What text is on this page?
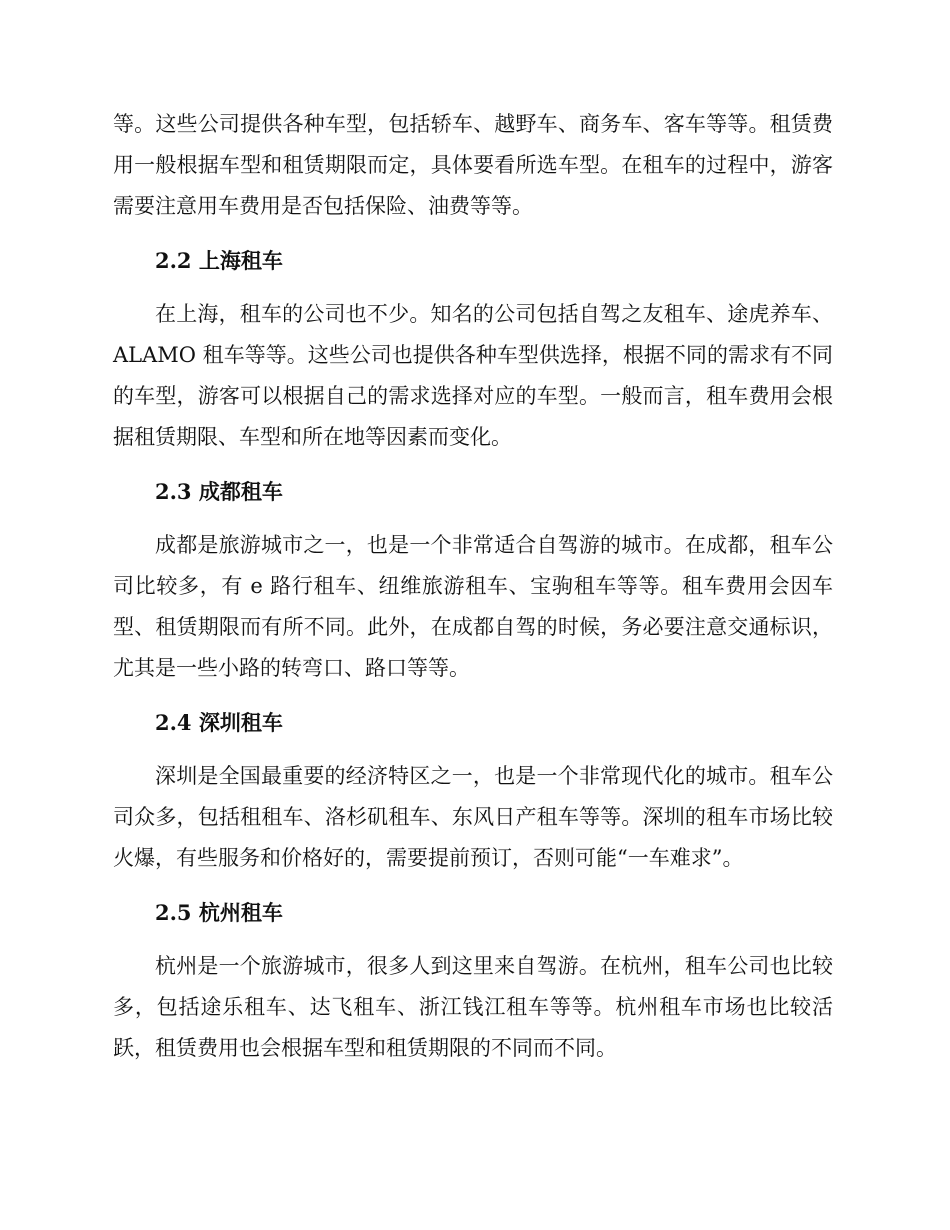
等。这些公司提供各种车型，包括轿车、越野车、商务车、客车等等。租赁费用一般根据车型和租赁期限而定，具体要看所选车型。在租车的过程中，游客需要注意用车费用是否包括保险、油费等等。

2.2 上海租车

在上海，租车的公司也不少。知名的公司包括自驾之友租车、途虎养车、ALAMO 租车等等。这些公司也提供各种车型供选择，根据不同的需求有不同的车型，游客可以根据自己的需求选择对应的车型。一般而言，租车费用会根据租赁期限、车型和所在地等因素而变化。

2.3 成都租车

成都是旅游城市之一，也是一个非常适合自驾游的城市。在成都，租车公司比较多，有 e 路行租车、纽维旅游租车、宝驹租车等等。租车费用会因车型、租赁期限而有所不同。此外，在成都自驾的时候，务必要注意交通标识，尤其是一些小路的转弯口、路口等等。

2.4 深圳租车

深圳是全国最重要的经济特区之一，也是一个非常现代化的城市。租车公司众多，包括租租车、洛杉矶租车、东风日产租车等等。深圳的租车市场比较火爆，有些服务和价格好的，需要提前预订，否则可能“一车难求”。

2.5 杭州租车

杭州是一个旅游城市，很多人到这里来自驾游。在杭州，租车公司也比较多，包括途乐租车、达飞租车、浙江钱江租车等等。杭州租车市场也比较活跃，租赁费用也会根据车型和租赁期限的不同而不同。
